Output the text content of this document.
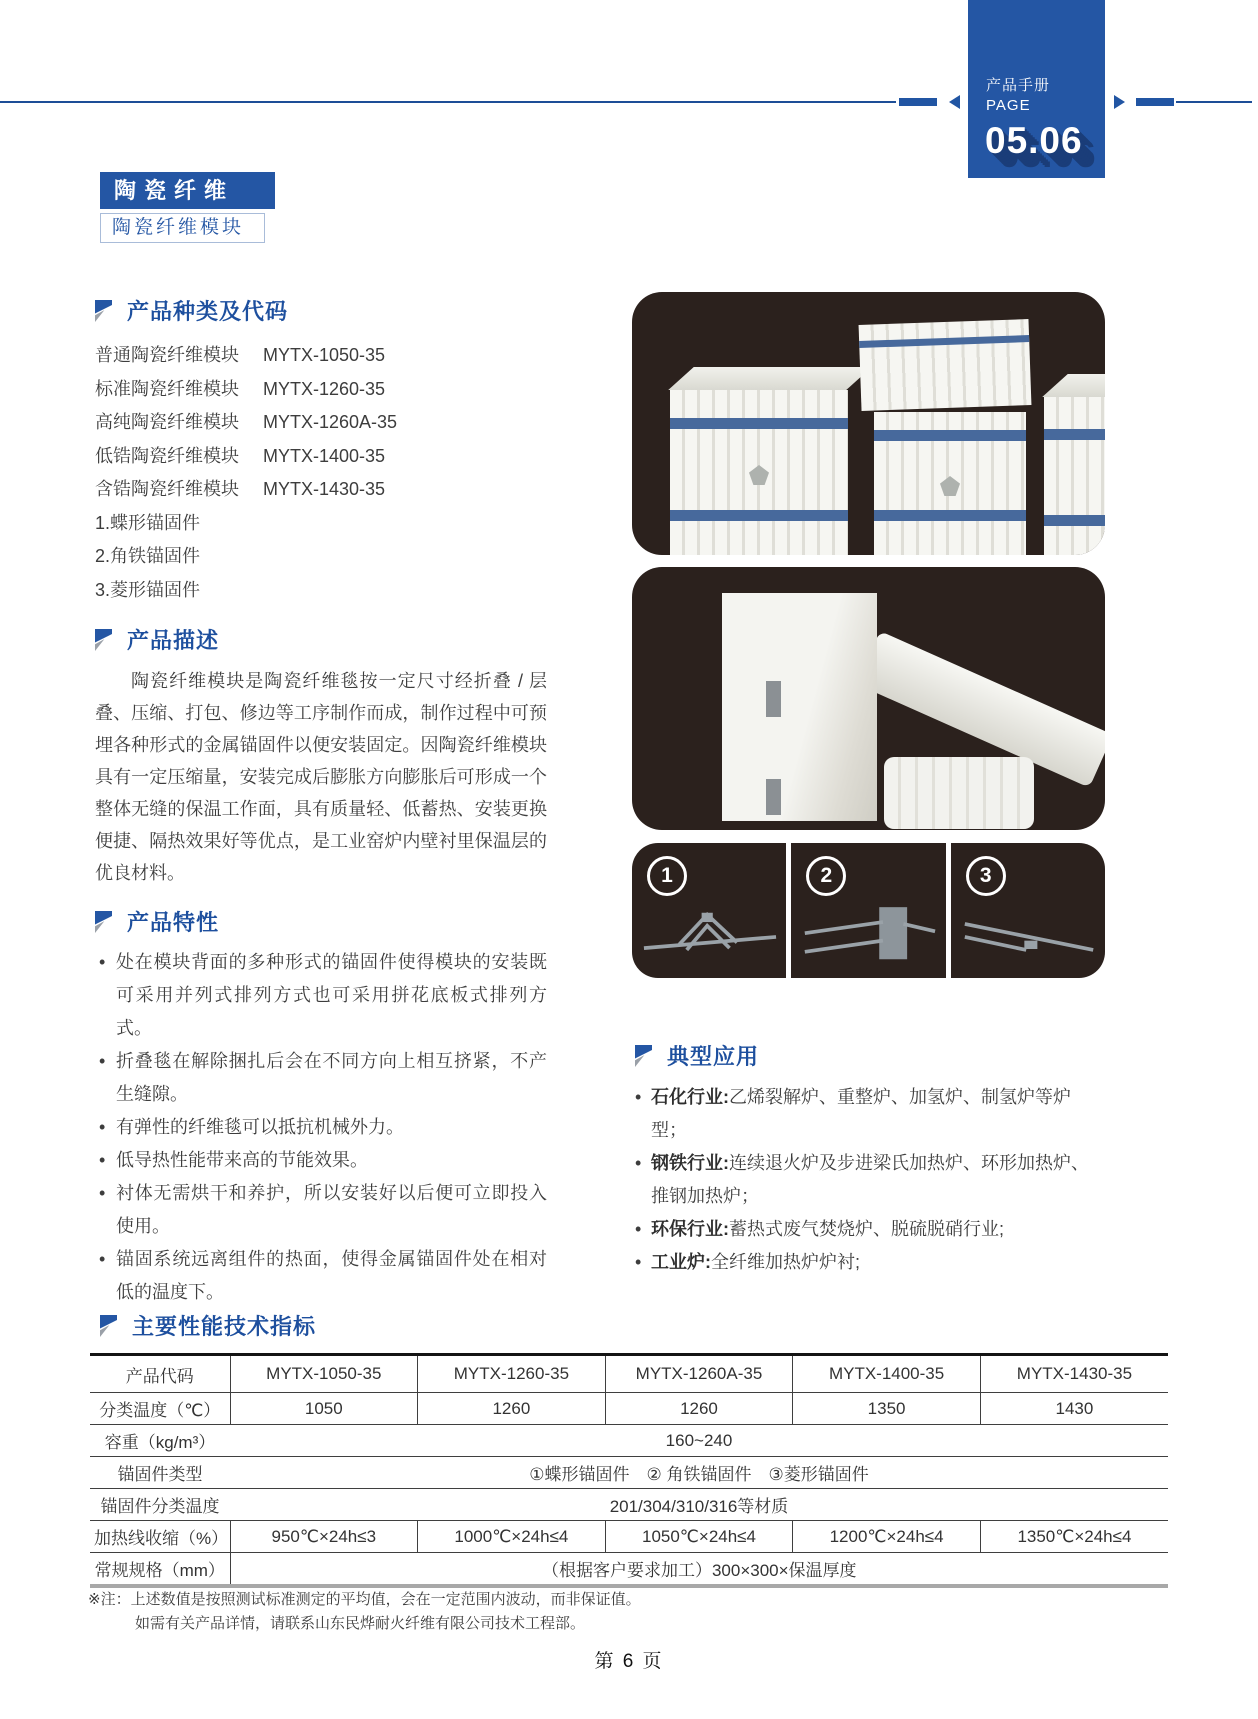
产品手册
PAGE
05.06
陶瓷纤维
陶瓷纤维模块
产品种类及代码
普通陶瓷纤维模块	MYTX-1050-35
标准陶瓷纤维模块	MYTX-1260-35
高纯陶瓷纤维模块	MYTX-1260A-35
低锆陶瓷纤维模块	MYTX-1400-35
含锆陶瓷纤维模块	MYTX-1430-35
1.蝶形锚固件
2.角铁锚固件
3.菱形锚固件
产品描述

陶瓷纤维模块是陶瓷纤维毯按一定尺寸经折叠 / 层叠、压缩、打包、修边等工序制作而成，制作过程中可预埋各种形式的金属锚固件以便安装固定。因陶瓷纤维模块具有一定压缩量，安装完成后膨胀方向膨胀后可形成一个整体无缝的保温工作面，具有质量轻、低蓄热、安装更换便捷、隔热效果好等优点，是工业窑炉内壁衬里保温层的优良材料。

产品特性
• 处在模块背面的多种形式的锚固件使得模块的安装既可采用并列式排列方式也可采用拼花底板式排列方式。
• 折叠毯在解除捆扎后会在不同方向上相互挤紧，不产生缝隙。
• 有弹性的纤维毯可以抵抗机械外力。
• 低导热性能带来高的节能效果。
• 衬体无需烘干和养护，所以安装好以后便可立即投入使用。
• 锚固系统远离组件的热面，使得金属锚固件处在相对低的温度下。
1	2	3
典型应用
• 石化行业:乙烯裂解炉、重整炉、加氢炉、制氢炉等炉型；
• 钢铁行业:连续退火炉及步进梁氏加热炉、环形加热炉、推钢加热炉；
• 环保行业:蓄热式废气焚烧炉、脱硫脱硝行业;
• 工业炉:全纤维加热炉炉衬;
主要性能技术指标
产品代码	MYTX-1050-35	MYTX-1260-35	MYTX-1260A-35	MYTX-1400-35	MYTX-1430-35
分类温度（℃）	1050	1260	1260	1350	1430
容重（kg/m³）	160~240				
锚固件类型	①蝶形锚固件　② 角铁锚固件　③菱形锚固件				
锚固件分类温度	201/304/310/316等材质				
加热线收缩（%）	950℃×24h≤3	1000℃×24h≤4	1050℃×24h≤4	1200℃×24h≤4	1350℃×24h≤4
常规规格（mm）	（根据客户要求加工）300×300×保温厚度				
※注：上述数值是按照测试标准测定的平均值，会在一定范围内波动，而非保证值。
如需有关产品详情，请联系山东民烨耐火纤维有限公司技术工程部。
第 6 页
